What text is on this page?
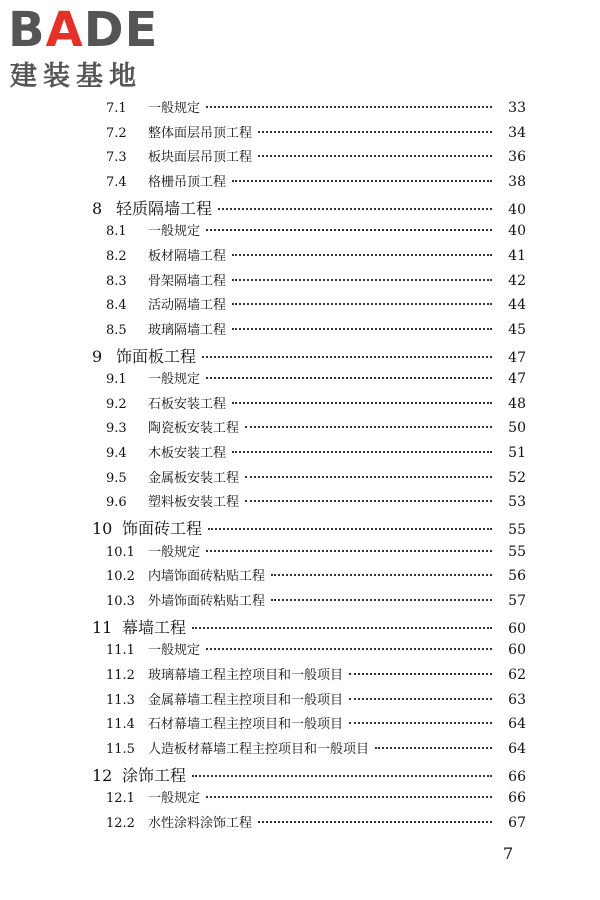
BADE
建装基地
7.1	一般规定	33
7.2	整体面层吊顶工程	34
7.3	板块面层吊顶工程	36
7.4	格栅吊顶工程	38
8 轻质隔墙工程	40
8.1	一般规定	40
8.2	板材隔墙工程	41
8.3	骨架隔墙工程	42
8.4	活动隔墙工程	44
8.5	玻璃隔墙工程	45
9 饰面板工程	47
9.1	一般规定	47
9.2	石板安装工程	48
9.3	陶瓷板安装工程	50
9.4	木板安装工程	51
9.5	金属板安装工程	52
9.6	塑料板安装工程	53
10 饰面砖工程	55
10.1	一般规定	55
10.2	内墙饰面砖粘贴工程	56
10.3	外墙饰面砖粘贴工程	57
11 幕墙工程	60
11.1	一般规定	60
11.2	玻璃幕墙工程主控项目和一般项目	62
11.3	金属幕墙工程主控项目和一般项目	63
11.4	石材幕墙工程主控项目和一般项目	64
11.5	人造板材幕墙工程主控项目和一般项目	64
12 涂饰工程	66
12.1	一般规定	66
12.2	水性涂料涂饰工程	67
7
